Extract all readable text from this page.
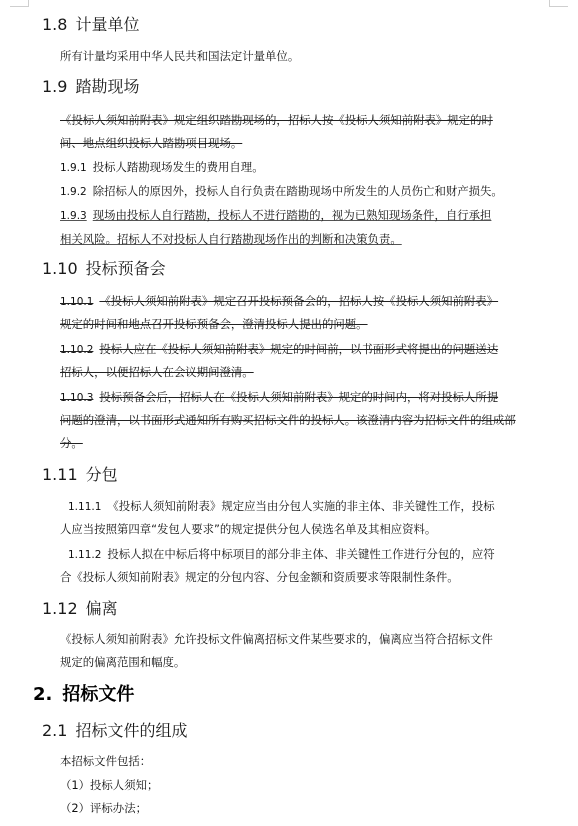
1.8 计量单位
所有计量均采用中华人民共和国法定计量单位。
1.9 踏勘现场
《投标人须知前附表》规定组织踏勘现场的，招标人按《投标人须知前附表》规定的时
间、地点组织投标人踏勘项目现场。
1.9.1 投标人踏勘现场发生的费用自理。
1.9.2 除招标人的原因外，投标人自行负责在踏勘现场中所发生的人员伤亡和财产损失。
1.9.3 现场由投标人自行踏勘，投标人不进行踏勘的，视为已熟知现场条件，自行承担
相关风险。招标人不对投标人自行踏勘现场作出的判断和决策负责。
1.10 投标预备会
1.10.1 《投标人须知前附表》规定召开投标预备会的，招标人按《投标人须知前附表》
规定的时间和地点召开投标预备会，澄清投标人提出的问题。
1.10.2 投标人应在《投标人须知前附表》规定的时间前，以书面形式将提出的问题送达
招标人，以便招标人在会议期间澄清。
1.10.3 投标预备会后，招标人在《投标人须知前附表》规定的时间内，将对投标人所提
问题的澄清，以书面形式通知所有购买招标文件的投标人。该澄清内容为招标文件的组成部
分。
1.11 分包
1.11.1 《投标人须知前附表》规定应当由分包人实施的非主体、非关键性工作，投标
人应当按照第四章“发包人要求”的规定提供分包人侯选名单及其相应资料。
1.11.2 投标人拟在中标后将中标项目的部分非主体、非关键性工作进行分包的，应符
合《投标人须知前附表》规定的分包内容、分包金额和资质要求等限制性条件。
1.12 偏离
《投标人须知前附表》允许投标文件偏离招标文件某些要求的，偏离应当符合招标文件
规定的偏离范围和幅度。
2. 招标文件
2.1 招标文件的组成
本招标文件包括：
（1）投标人须知；
（2）评标办法；
